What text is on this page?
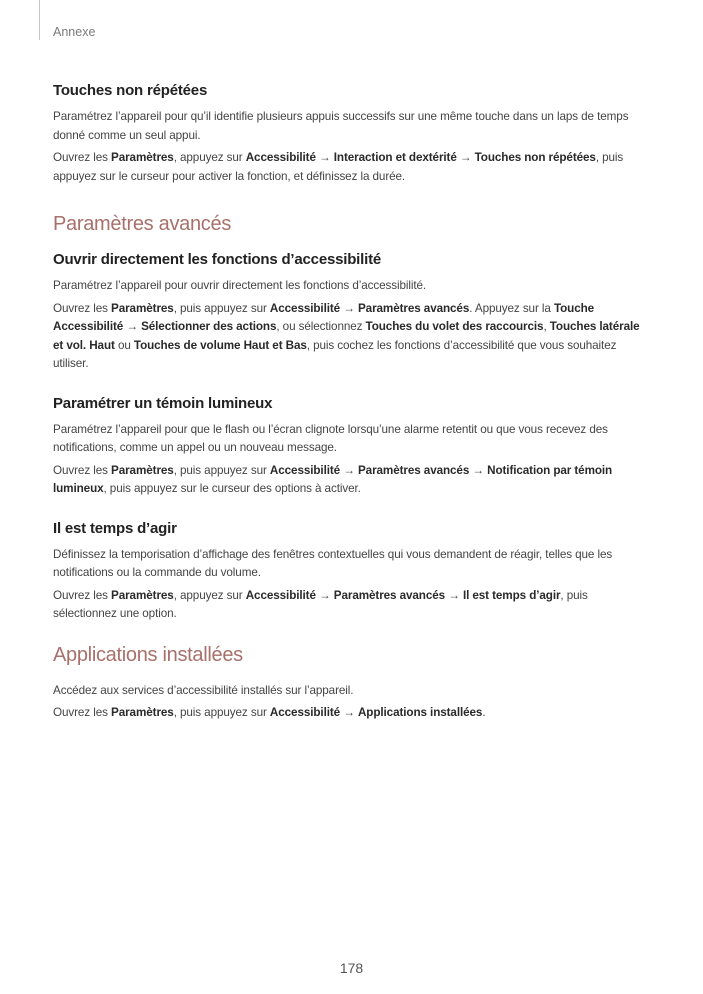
Annexe
Touches non répétées

Paramétrez l’appareil pour qu’il identifie plusieurs appuis successifs sur une même touche dans un laps de temps donné comme un seul appui.

Ouvrez les Paramètres, appuyez sur Accessibilité → Interaction et dextérité → Touches non répétées, puis appuyez sur le curseur pour activer la fonction, et définissez la durée.

Paramètres avancés
Ouvrir directement les fonctions d’accessibilité

Paramétrez l’appareil pour ouvrir directement les fonctions d’accessibilité.

Ouvrez les Paramètres, puis appuyez sur Accessibilité → Paramètres avancés. Appuyez sur la Touche Accessibilité → Sélectionner des actions, ou sélectionnez Touches du volet des raccourcis, Touches latérale et vol. Haut ou Touches de volume Haut et Bas, puis cochez les fonctions d’accessibilité que vous souhaitez utiliser.

Paramétrer un témoin lumineux

Paramétrez l’appareil pour que le flash ou l’écran clignote lorsqu’une alarme retentit ou que vous recevez des notifications, comme un appel ou un nouveau message.

Ouvrez les Paramètres, puis appuyez sur Accessibilité → Paramètres avancés → Notification par témoin lumineux, puis appuyez sur le curseur des options à activer.

Il est temps d’agir

Définissez la temporisation d’affichage des fenêtres contextuelles qui vous demandent de réagir, telles que les notifications ou la commande du volume.

Ouvrez les Paramètres, appuyez sur Accessibilité → Paramètres avancés → Il est temps d’agir, puis sélectionnez une option.

Applications installées

Accédez aux services d’accessibilité installés sur l’appareil.

Ouvrez les Paramètres, puis appuyez sur Accessibilité → Applications installées.

178
